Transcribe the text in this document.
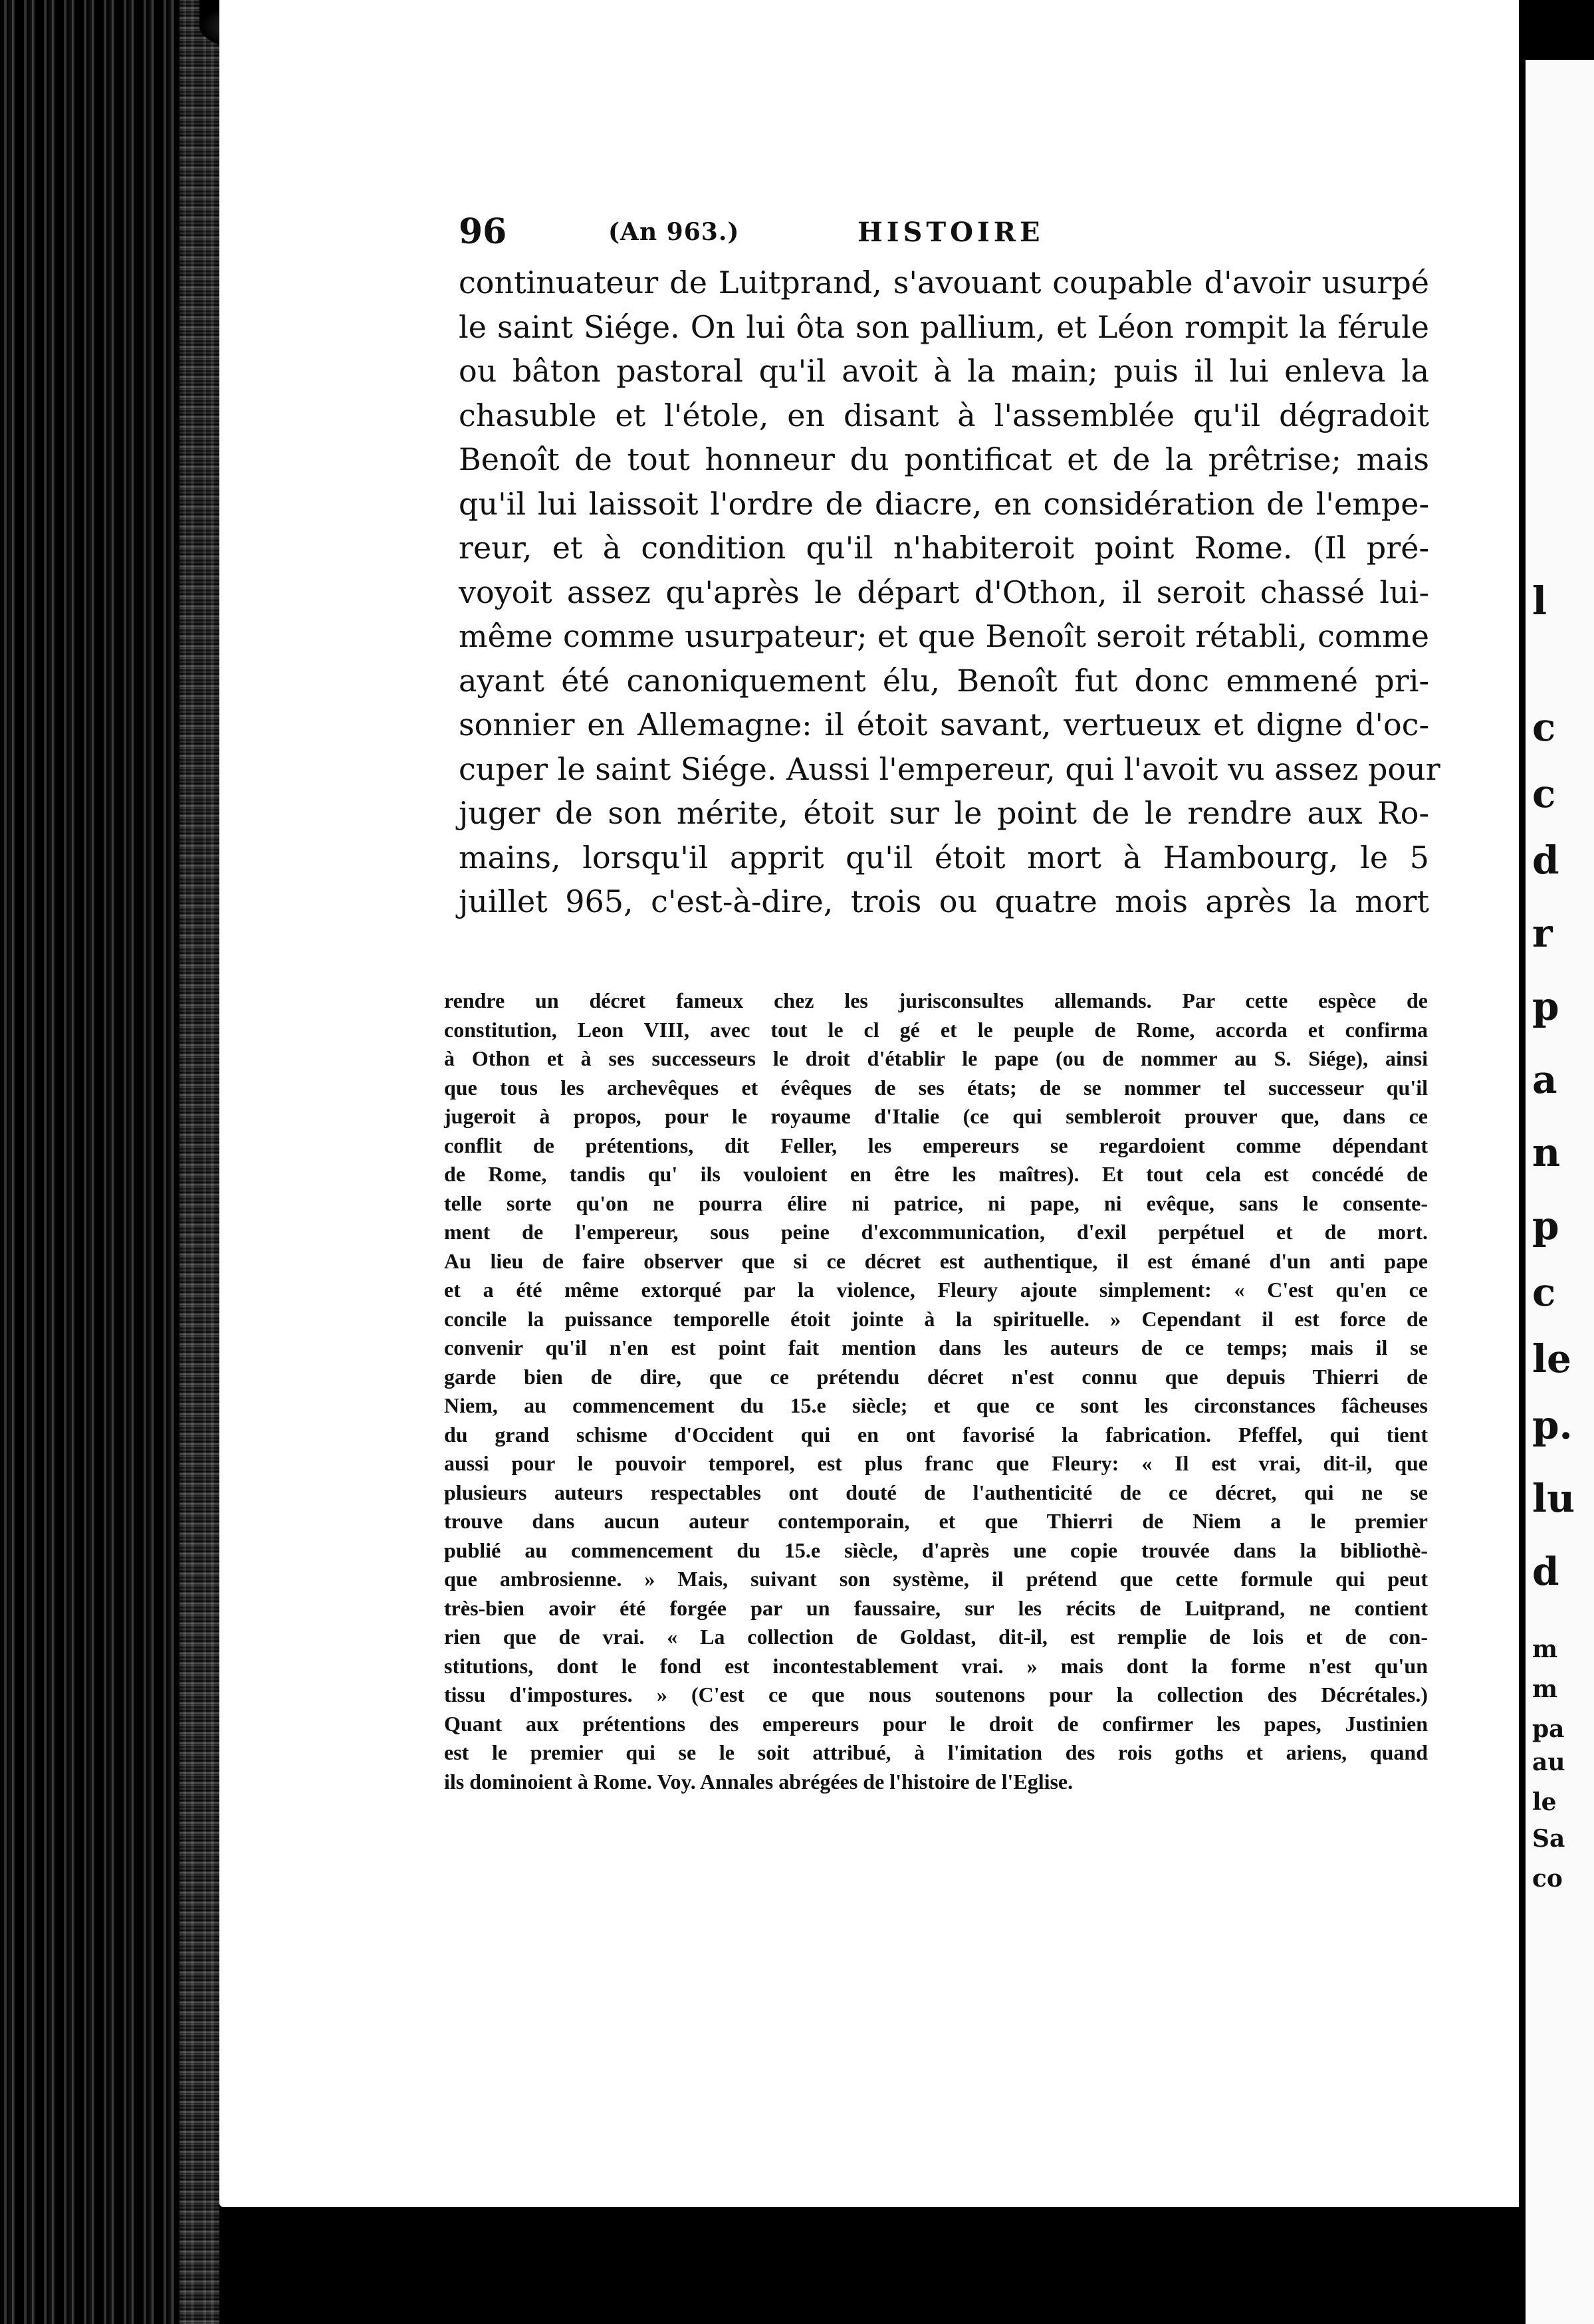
l
c
c
d
r
p
a
n
p
c
le
p.
lu
d
m
m
pa
au
le
Sa
co
96	(An 963.)	HISTOIRE
continuateur de Luitprand, s'avouant coupable d'avoir usurpé
le saint Siége. On lui ôta son pallium, et Léon rompit la férule
ou bâton pastoral qu'il avoit à la main; puis il lui enleva la
chasuble et l'étole, en disant à l'assemblée qu'il dégradoit
Benoît de tout honneur du pontificat et de la prêtrise; mais
qu'il lui laissoit l'ordre de diacre, en considération de l'empe-
reur, et à condition qu'il n'habiteroit point Rome. (Il pré-
voyoit assez qu'après le départ d'Othon, il seroit chassé lui-
même comme usurpateur; et que Benoît seroit rétabli, comme
ayant été canoniquement élu, Benoît fut donc emmené pri-
sonnier en Allemagne: il étoit savant, vertueux et digne d'oc-
cuper le saint Siége. Aussi l'empereur, qui l'avoit vu assez pour
juger de son mérite, étoit sur le point de le rendre aux Ro-
mains, lorsqu'il apprit qu'il étoit mort à Hambourg, le 5
juillet 965, c'est-à-dire, trois ou quatre mois après la mort
rendre un décret fameux chez les jurisconsultes allemands. Par cette espèce de
constitution, Leon VIII, avec tout le cl gé et le peuple de Rome, accorda et confirma
à Othon et à ses successeurs le droit d'établir le pape (ou de nommer au S. Siége), ainsi
que tous les archevêques et évêques de ses états; de se nommer tel successeur qu'il
jugeroit à propos, pour le royaume d'Italie (ce qui sembleroit prouver que, dans ce
conflit de prétentions, dit Feller, les empereurs se regardoient comme dépendant
de Rome, tandis qu' ils vouloient en être les maîtres). Et tout cela est concédé de
telle sorte qu'on ne pourra élire ni patrice, ni pape, ni evêque, sans le consente-
ment de l'empereur, sous peine d'excommunication, d'exil perpétuel et de mort.
Au lieu de faire observer que si ce décret est authentique, il est émané d'un anti pape
et a été même extorqué par la violence, Fleury ajoute simplement: « C'est qu'en ce
concile la puissance temporelle étoit jointe à la spirituelle. » Cependant il est force de
convenir qu'il n'en est point fait mention dans les auteurs de ce temps; mais il se
garde bien de dire, que ce prétendu décret n'est connu que depuis Thierri de
Niem, au commencement du 15.e siècle; et que ce sont les circonstances fâcheuses
du grand schisme d'Occident qui en ont favorisé la fabrication. Pfeffel, qui tient
aussi pour le pouvoir temporel, est plus franc que Fleury: « Il est vrai, dit-il, que
plusieurs auteurs respectables ont douté de l'authenticité de ce décret, qui ne se
trouve dans aucun auteur contemporain, et que Thierri de Niem a le premier
publié au commencement du 15.e siècle, d'après une copie trouvée dans la bibliothè-
que ambrosienne. » Mais, suivant son système, il prétend que cette formule qui peut
très-bien avoir été forgée par un faussaire, sur les récits de Luitprand, ne contient
rien que de vrai. « La collection de Goldast, dit-il, est remplie de lois et de con-
stitutions, dont le fond est incontestablement vrai. » mais dont la forme n'est qu'un
tissu d'impostures. » (C'est ce que nous soutenons pour la collection des Décrétales.)
Quant aux prétentions des empereurs pour le droit de confirmer les papes, Justinien
est le premier qui se le soit attribué, à l'imitation des rois goths et ariens, quand
ils dominoient à Rome. Voy. Annales abrégées de l'histoire de l'Eglise.
